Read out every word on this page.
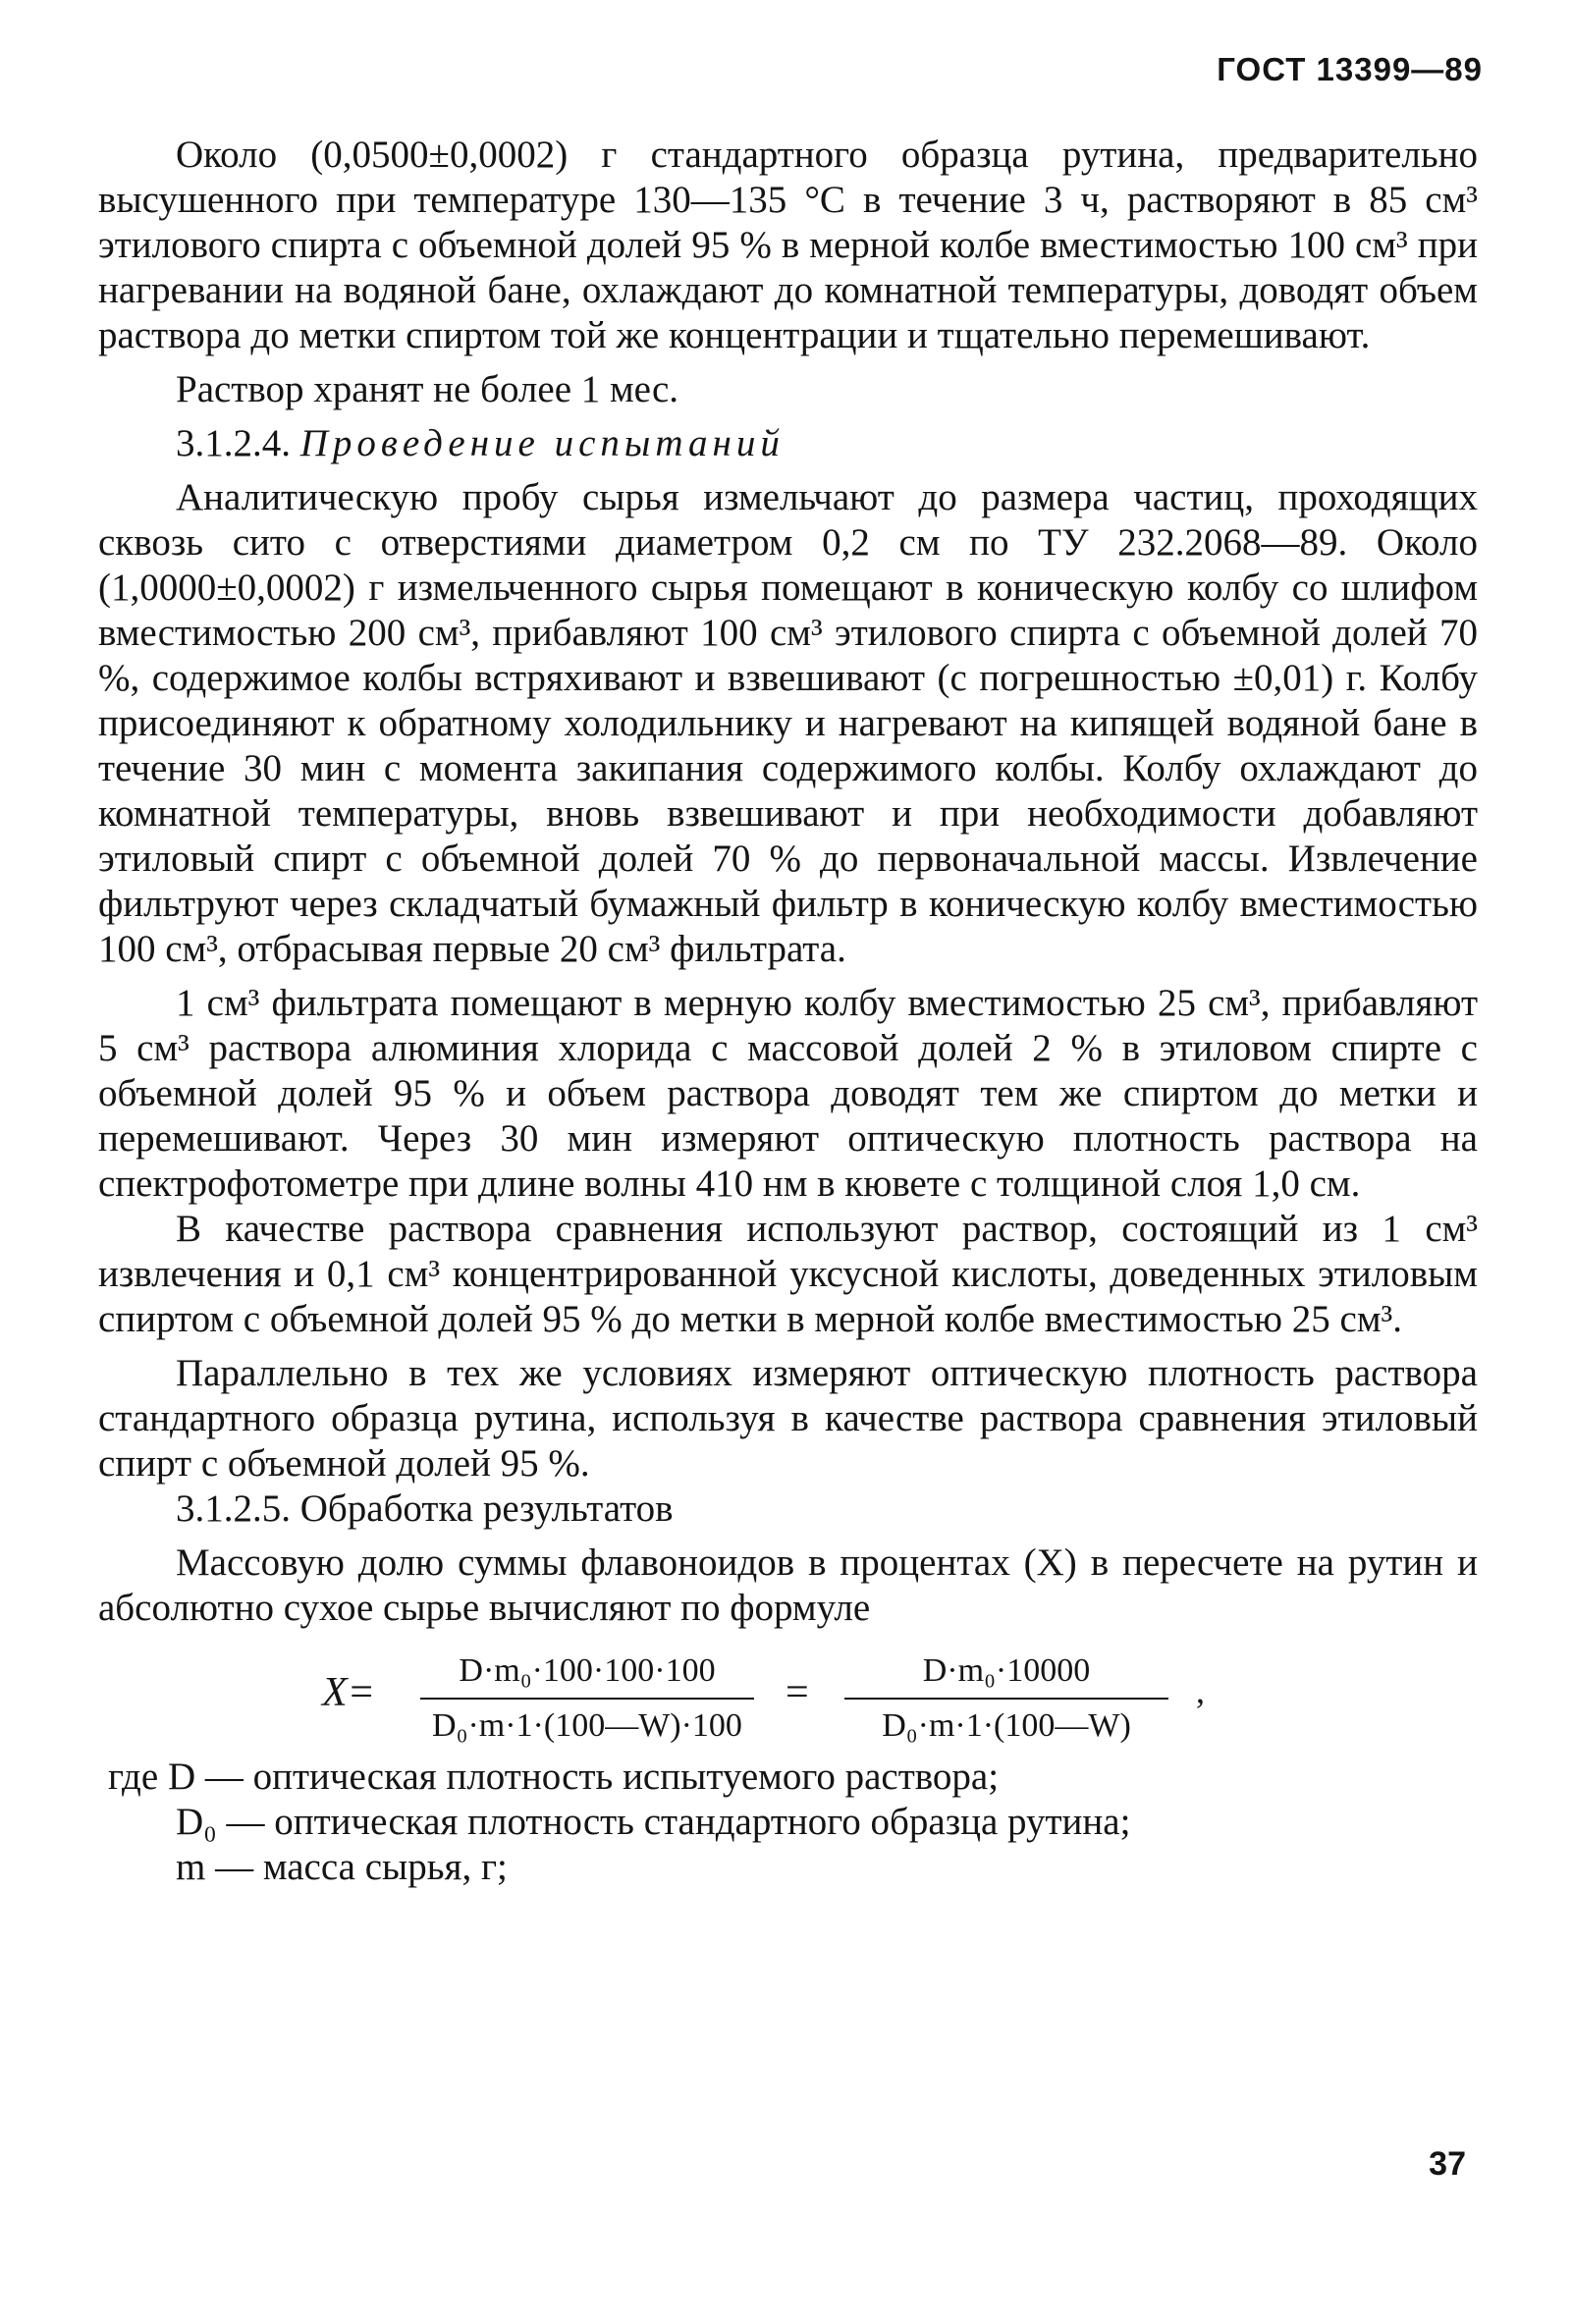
ГОСТ 13399—89

Около (0,0500±0,0002) г стандартного образца рутина, предварительно высушенного при температуре 130—135 °С в течение 3 ч, растворяют в 85 см³ этилового спирта с объемной долей 95 % в мерной колбе вместимостью 100 см³ при нагревании на водяной бане, охлаждают до комнатной температуры, доводят объем раствора до метки спиртом той же концентрации и тщательно перемешивают.

Раствор хранят не более 1 мес.

3.1.2.4. Проведение испытаний

Аналитическую пробу сырья измельчают до размера частиц, проходящих сквозь сито с отверстиями диаметром 0,2 см по ТУ 232.2068—89. Около (1,0000±0,0002) г измельченного сырья помещают в коническую колбу со шлифом вместимостью 200 см³, прибавляют 100 см³ этилового спирта с объемной долей 70 %, содержимое колбы встряхивают и взвешивают (с погрешностью ±0,01) г. Колбу присоединяют к обратному холодильнику и нагревают на кипящей водяной бане в течение 30 мин с момента закипания содержимого колбы. Колбу охлаждают до комнатной температуры, вновь взвешивают и при необходимости добавляют этиловый спирт с объемной долей 70 % до первоначальной массы. Извлечение фильтруют через складчатый бумажный фильтр в коническую колбу вместимостью 100 см³, отбрасывая первые 20 см³ фильтрата.

1 см³ фильтрата помещают в мерную колбу вместимостью 25 см³, прибавляют 5 см³ раствора алюминия хлорида с массовой долей 2 % в этиловом спирте с объемной долей 95 % и объем раствора доводят тем же спиртом до метки и перемешивают. Через 30 мин измеряют оптическую плотность раствора на спектрофотометре при длине волны 410 нм в кювете с толщиной слоя 1,0 см.

В качестве раствора сравнения используют раствор, состоящий из 1 см³ извлечения и 0,1 см³ концентрированной уксусной кислоты, доведенных этиловым спиртом с объемной долей 95 % до метки в мерной колбе вместимостью 25 см³.

Параллельно в тех же условиях измеряют оптическую плотность раствора стандартного образца рутина, используя в качестве раствора сравнения этиловый спирт с объемной долей 95 %.

3.1.2.5. Обработка результатов

Массовую долю суммы флавоноидов в процентах (X) в пересчете на рутин и абсолютно сухое сырье вычисляют по формуле

$X= \frac{\text{D·m₀·100·100·100}}{\text{D₀·m·1·(100—W)·100}} = \frac{\text{D·m₀·10000}}{\text{D₀·m·1·(100—W)}}$ ,
где D — оптическая плотность испытуемого раствора;
D₀ — оптическая плотность стандартного образца рутина;
m — масса сырья, г;
37
